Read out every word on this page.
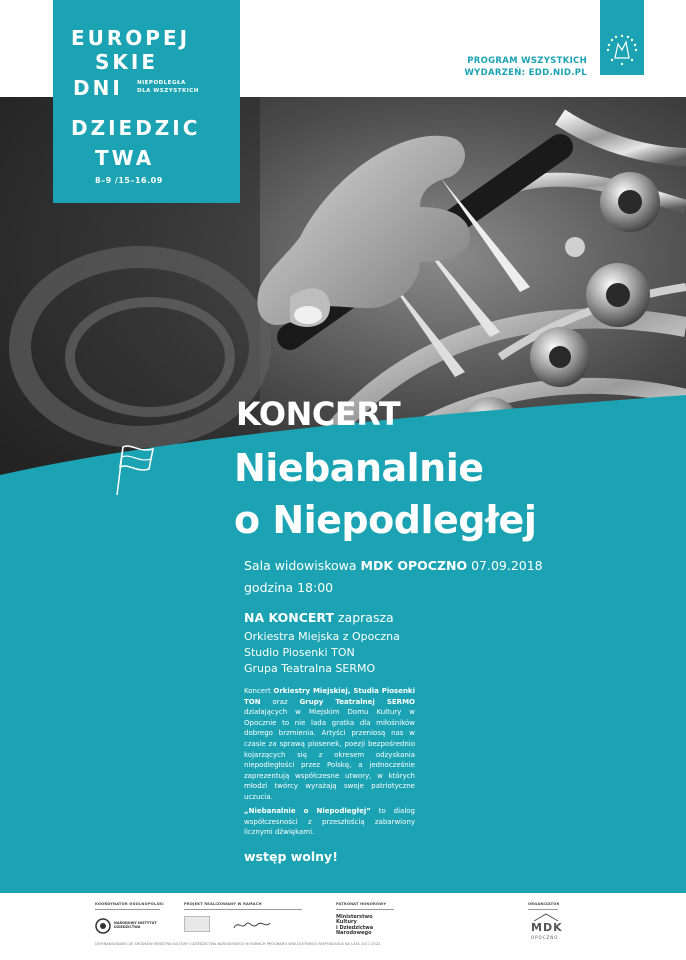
EUROPEJ
SKIE
DNI	NIEPODLEGŁA
DLA WSZYSTKICH
DZIEDZIC
TWA
8–9 /15–16.09
PROGRAM WSZYSTKICH
WYDARZEŃ: EDD.NID.PL
KONCERT
Niebanalnie
o Niepodległej
Sala widowiskowa MDK OPOCZNO 07.09.2018
godzina 18:00
NA KONCERT zaprasza
Orkiestra Miejska z Opoczna
Studio Piosenki TON
Grupa Teatralna SERMO
Koncert Orkiestry Miejskiej, Studia Piosenki TON oraz Grupy Teatralnej SERMO działających w Miejskim Domu Kultury w Opocznie to nie lada gratka dla miłośników dobrego brzmienia. Artyści przeniosą nas w czasie za sprawą piosenek, poezji bezpośrednio kojarzących się z okresem odzyskania niepodległości przez Polskę, a jednocześnie zaprezentują współczesne utwory, w których młodzi twórcy wyrażają swoje patriotyczne uczucia.
„Niebanalnie o Niepodległej” to dialog współczesności z przeszłością zabarwiony licznymi dźwiękami.
wstęp wolny!
KOORDYNATOR OGÓLNOPOLSKI	PROJEKT REALIZOWANY W RAMACH	PATRONAT HONOROWY	ORGANIZATOR
NARODOWY INSTYTUT DZIEDZICTWA
Ministerstwo
Kultury
i Dziedzictwa
Narodowego	MDK
OPOCZNO
DOFINANSOWANO ZE ŚRODKÓW MINISTRA KULTURY I DZIEDZICTWA NARODOWEGO W RAMACH PROGRAMU WIELOLETNIEGO NIEPODLEGŁA NA LATA 2017-2022
